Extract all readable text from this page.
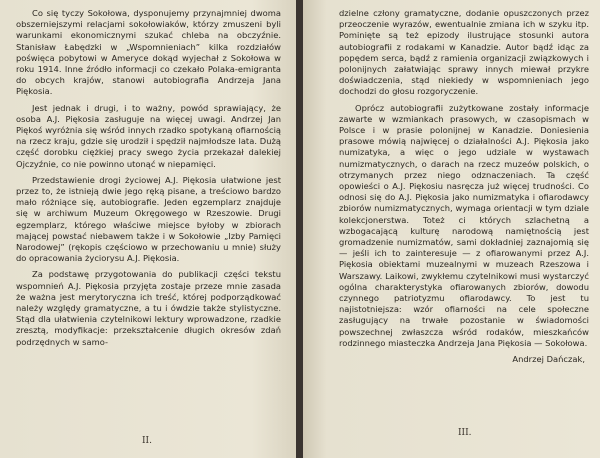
Co się tyczy Sokołowa, dysponujemy przynajmniej dwoma obszerniejszymi relacjami sokołowiaków, którzy zmuszeni byli warunkami ekonomicznymi szukać chleba na obczyźnie. Stanisław Łabędzki w „Wspomnieniach” kilka rozdziałów poświęca pobytowi w Ameryce dokąd wyjechał z Sokołowa w roku 1914. Inne źródło informacji co czekało Polaka-emigranta do obcych krajów, stanowi autobiografia Andrzeja Jana Piękosia.

Jest jednak i drugi, i to ważny, powód sprawiający, że osoba A.J. Piękosia zasługuje na więcej uwagi. Andrzej Jan Piękoś wyróżnia się wśród innych rzadko spotykaną ofiarnością na rzecz kraju, gdzie się urodził i spędził najmłodsze lata. Dużą część dorobku ciężkiej pracy swego życia przekazał dalekiej Ojczyźnie, co nie powinno utonąć w niepamięci.

Przedstawienie drogi życiowej A.J. Piękosia ułatwione jest przez to, że istnieją dwie jego ręką pisane, a treściowo bardzo mało różniące się, autobiografie. Jeden egzemplarz znajduje się w archiwum Muzeum Okręgowego w Rzeszowie. Drugi egzemplarz, którego właściwe miejsce byłoby w zbiorach mającej powstać niebawem także i w Sokołowie „Izby Pamięci Narodowej” (rękopis częściowo w przechowaniu u mnie) służy do opracowania życiorysu A.J. Piękosia.

Za podstawę przygotowania do publikacji części tekstu wspomnień A.J. Piękosia przyjęta zostaje przeze mnie zasada że ważna jest merytoryczna ich treść, której podporządkować należy względy gramatyczne, a tu i ówdzie także stylistyczne. Stąd dla ułatwienia czytelnikowi lektury wprowadzone, rzadkie zresztą, modyfikacje: przekształcenie długich okresów zdań podrzędnych w samo-

II.

dzielne człony gramatyczne, dodanie opuszczonych przez przeoczenie wyrazów, ewentualnie zmiana ich w szyku itp. Pominięte są też epizody ilustrujące stosunki autora autobiografii z rodakami w Kanadzie. Autor bądź idąc za popędem serca, bądź z ramienia organizacji związkowych i polonijnych załatwiając sprawy innych miewał przykre doświadczenia, stąd niekiedy w wspomnieniach jego dochodzi do głosu rozgoryczenie.

Oprócz autobiografii zużytkowane zostały informacje zawarte w wzmiankach prasowych, w czasopismach w Polsce i w prasie polonijnej w Kanadzie. Doniesienia prasowe mówią najwięcej o działalności A.J. Piękosia jako numizatyka, a więc o jego udziale w wystawach numizmatycznych, o darach na rzecz muzeów polskich, o otrzymanych przez niego odznaczeniach. Ta część opowieści o A.J. Piękosiu nasręcza już więcej trudności. Co odnosi się do A.J. Piękosia jako numizmatyka i ofiarodawcy zbiorów numizmatycznych, wymaga orientacji w tym dziale kolekcjonerstwa. Toteż ci których szlachetną a wzbogacającą kulturę narodową namiętnością jest gromadzenie numizmatów, sami dokładniej zaznajomią się — jeśli ich to zainteresuje — z ofiarowanymi przez A.J. Piękosia obiektami muzealnymi w muzeach Rzeszowa i Warszawy. Laikowi, zwykłemu czytelnikowi musi wystarczyć ogólna charakterystyka ofiarowanych zbiorów, dowodu czynnego patriotyzmu ofiarodawcy. To jest tu najistotniejsza: wzór ofiarności na cele społeczne zasługujący na trwałe pozostanie w świadomości powszechnej zwłaszcza wśród rodaków, mieszkańców rodzinnego miasteczka Andrzeja Jana Piękosia — Sokołowa.

Andrzej Dańczak,
III.
